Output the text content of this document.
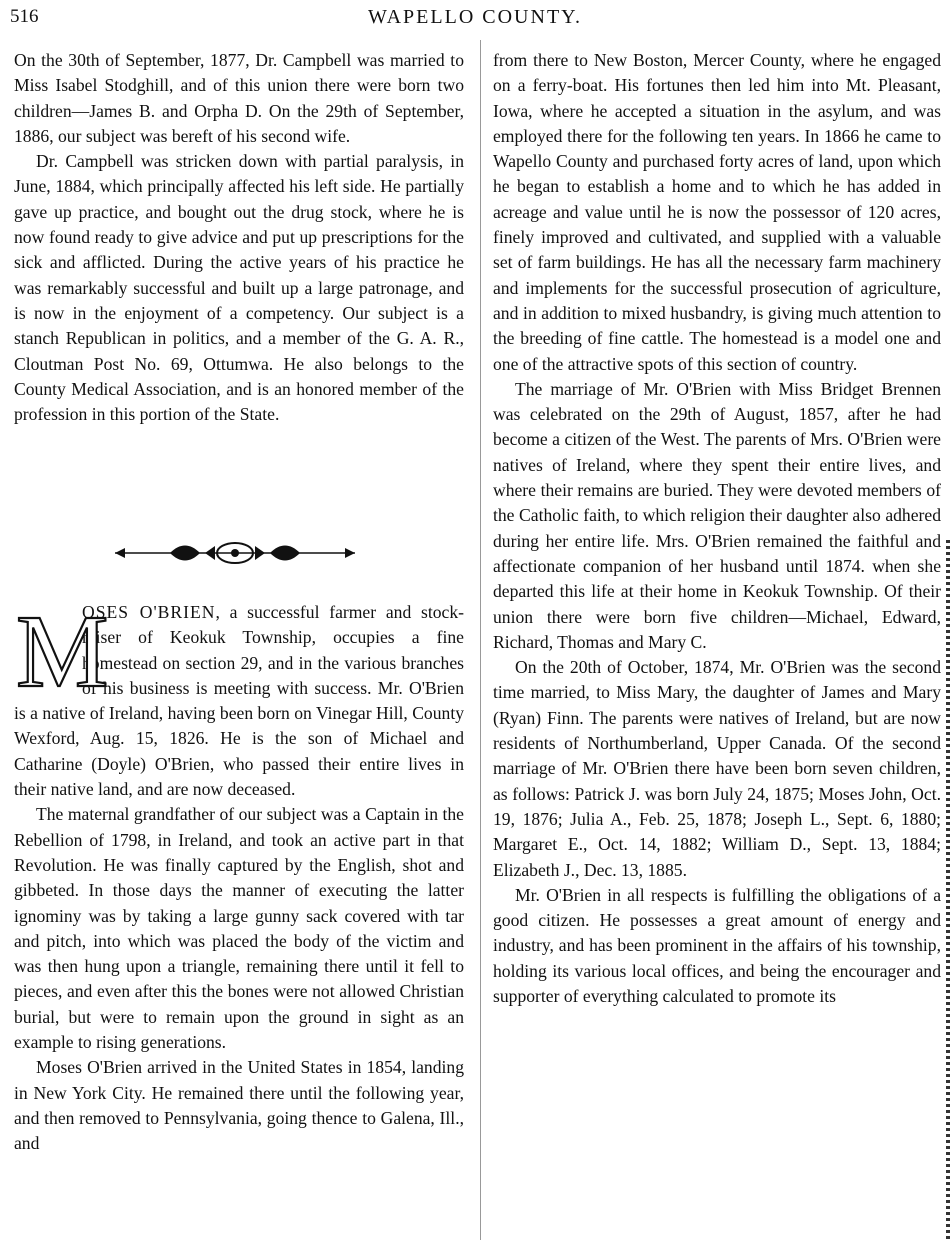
516	WAPELLO COUNTY.

On the 30th of September, 1877, Dr. Campbell was married to Miss Isabel Stodghill, and of this union there were born two children—James B. and Orpha D. On the 29th of September, 1886, our subject was bereft of his second wife.

Dr. Campbell was stricken down with partial paralysis, in June, 1884, which principally affected his left side. He partially gave up practice, and bought out the drug stock, where he is now found ready to give advice and put up prescriptions for the sick and afflicted. During the active years of his practice he was remarkably successful and built up a large patronage, and is now in the enjoyment of a competency. Our subject is a stanch Republican in politics, and a member of the G. A. R., Cloutman Post No. 69, Ottumwa. He also belongs to the County Medical Association, and is an honored member of the profession in this portion of the State.

OSES O'BRIEN, a successful farmer and stock-raiser of Keokuk Township, occupies a fine homestead on section 29, and in the various branches of his business is meeting with success. Mr. O'Brien is a native of Ireland, having been born on Vinegar Hill, County Wexford, Aug. 15, 1826. He is the son of Michael and Catharine (Doyle) O'Brien, who passed their entire lives in their native land, and are now deceased.

The maternal grandfather of our subject was a Captain in the Rebellion of 1798, in Ireland, and took an active part in that Revolution. He was finally captured by the English, shot and gibbeted. In those days the manner of executing the latter ignominy was by taking a large gunny sack covered with tar and pitch, into which was placed the body of the victim and was then hung upon a triangle, remaining there until it fell to pieces, and even after this the bones were not allowed Christian burial, but were to remain upon the ground in sight as an example to rising generations.

Moses O'Brien arrived in the United States in 1854, landing in New York City. He remained there until the following year, and then removed to Pennsylvania, going thence to Galena, Ill., and

M

from there to New Boston, Mercer County, where he engaged on a ferry-boat. His fortunes then led him into Mt. Pleasant, Iowa, where he accepted a situation in the asylum, and was employed there for the following ten years. In 1866 he came to Wapello County and purchased forty acres of land, upon which he began to establish a home and to which he has added in acreage and value until he is now the possessor of 120 acres, finely improved and cultivated, and supplied with a valuable set of farm buildings. He has all the necessary farm machinery and implements for the successful prosecution of agriculture, and in addition to mixed husbandry, is giving much attention to the breeding of fine cattle. The homestead is a model one and one of the attractive spots of this section of country.

The marriage of Mr. O'Brien with Miss Bridget Brennen was celebrated on the 29th of August, 1857, after he had become a citizen of the West. The parents of Mrs. O'Brien were natives of Ireland, where they spent their entire lives, and where their remains are buried. They were devoted members of the Catholic faith, to which religion their daughter also adhered during her entire life. Mrs. O'Brien remained the faithful and affectionate companion of her husband until 1874. when she departed this life at their home in Keokuk Township. Of their union there were born five children—Michael, Edward, Richard, Thomas and Mary C.

On the 20th of October, 1874, Mr. O'Brien was the second time married, to Miss Mary, the daughter of James and Mary (Ryan) Finn. The parents were natives of Ireland, but are now residents of Northumberland, Upper Canada. Of the second marriage of Mr. O'Brien there have been born seven children, as follows: Patrick J. was born July 24, 1875; Moses John, Oct. 19, 1876; Julia A., Feb. 25, 1878; Joseph L., Sept. 6, 1880; Margaret E., Oct. 14, 1882; William D., Sept. 13, 1884; Elizabeth J., Dec. 13, 1885.

Mr. O'Brien in all respects is fulfilling the obligations of a good citizen. He possesses a great amount of energy and industry, and has been prominent in the affairs of his township, holding its various local offices, and being the encourager and supporter of everything calculated to promote its
